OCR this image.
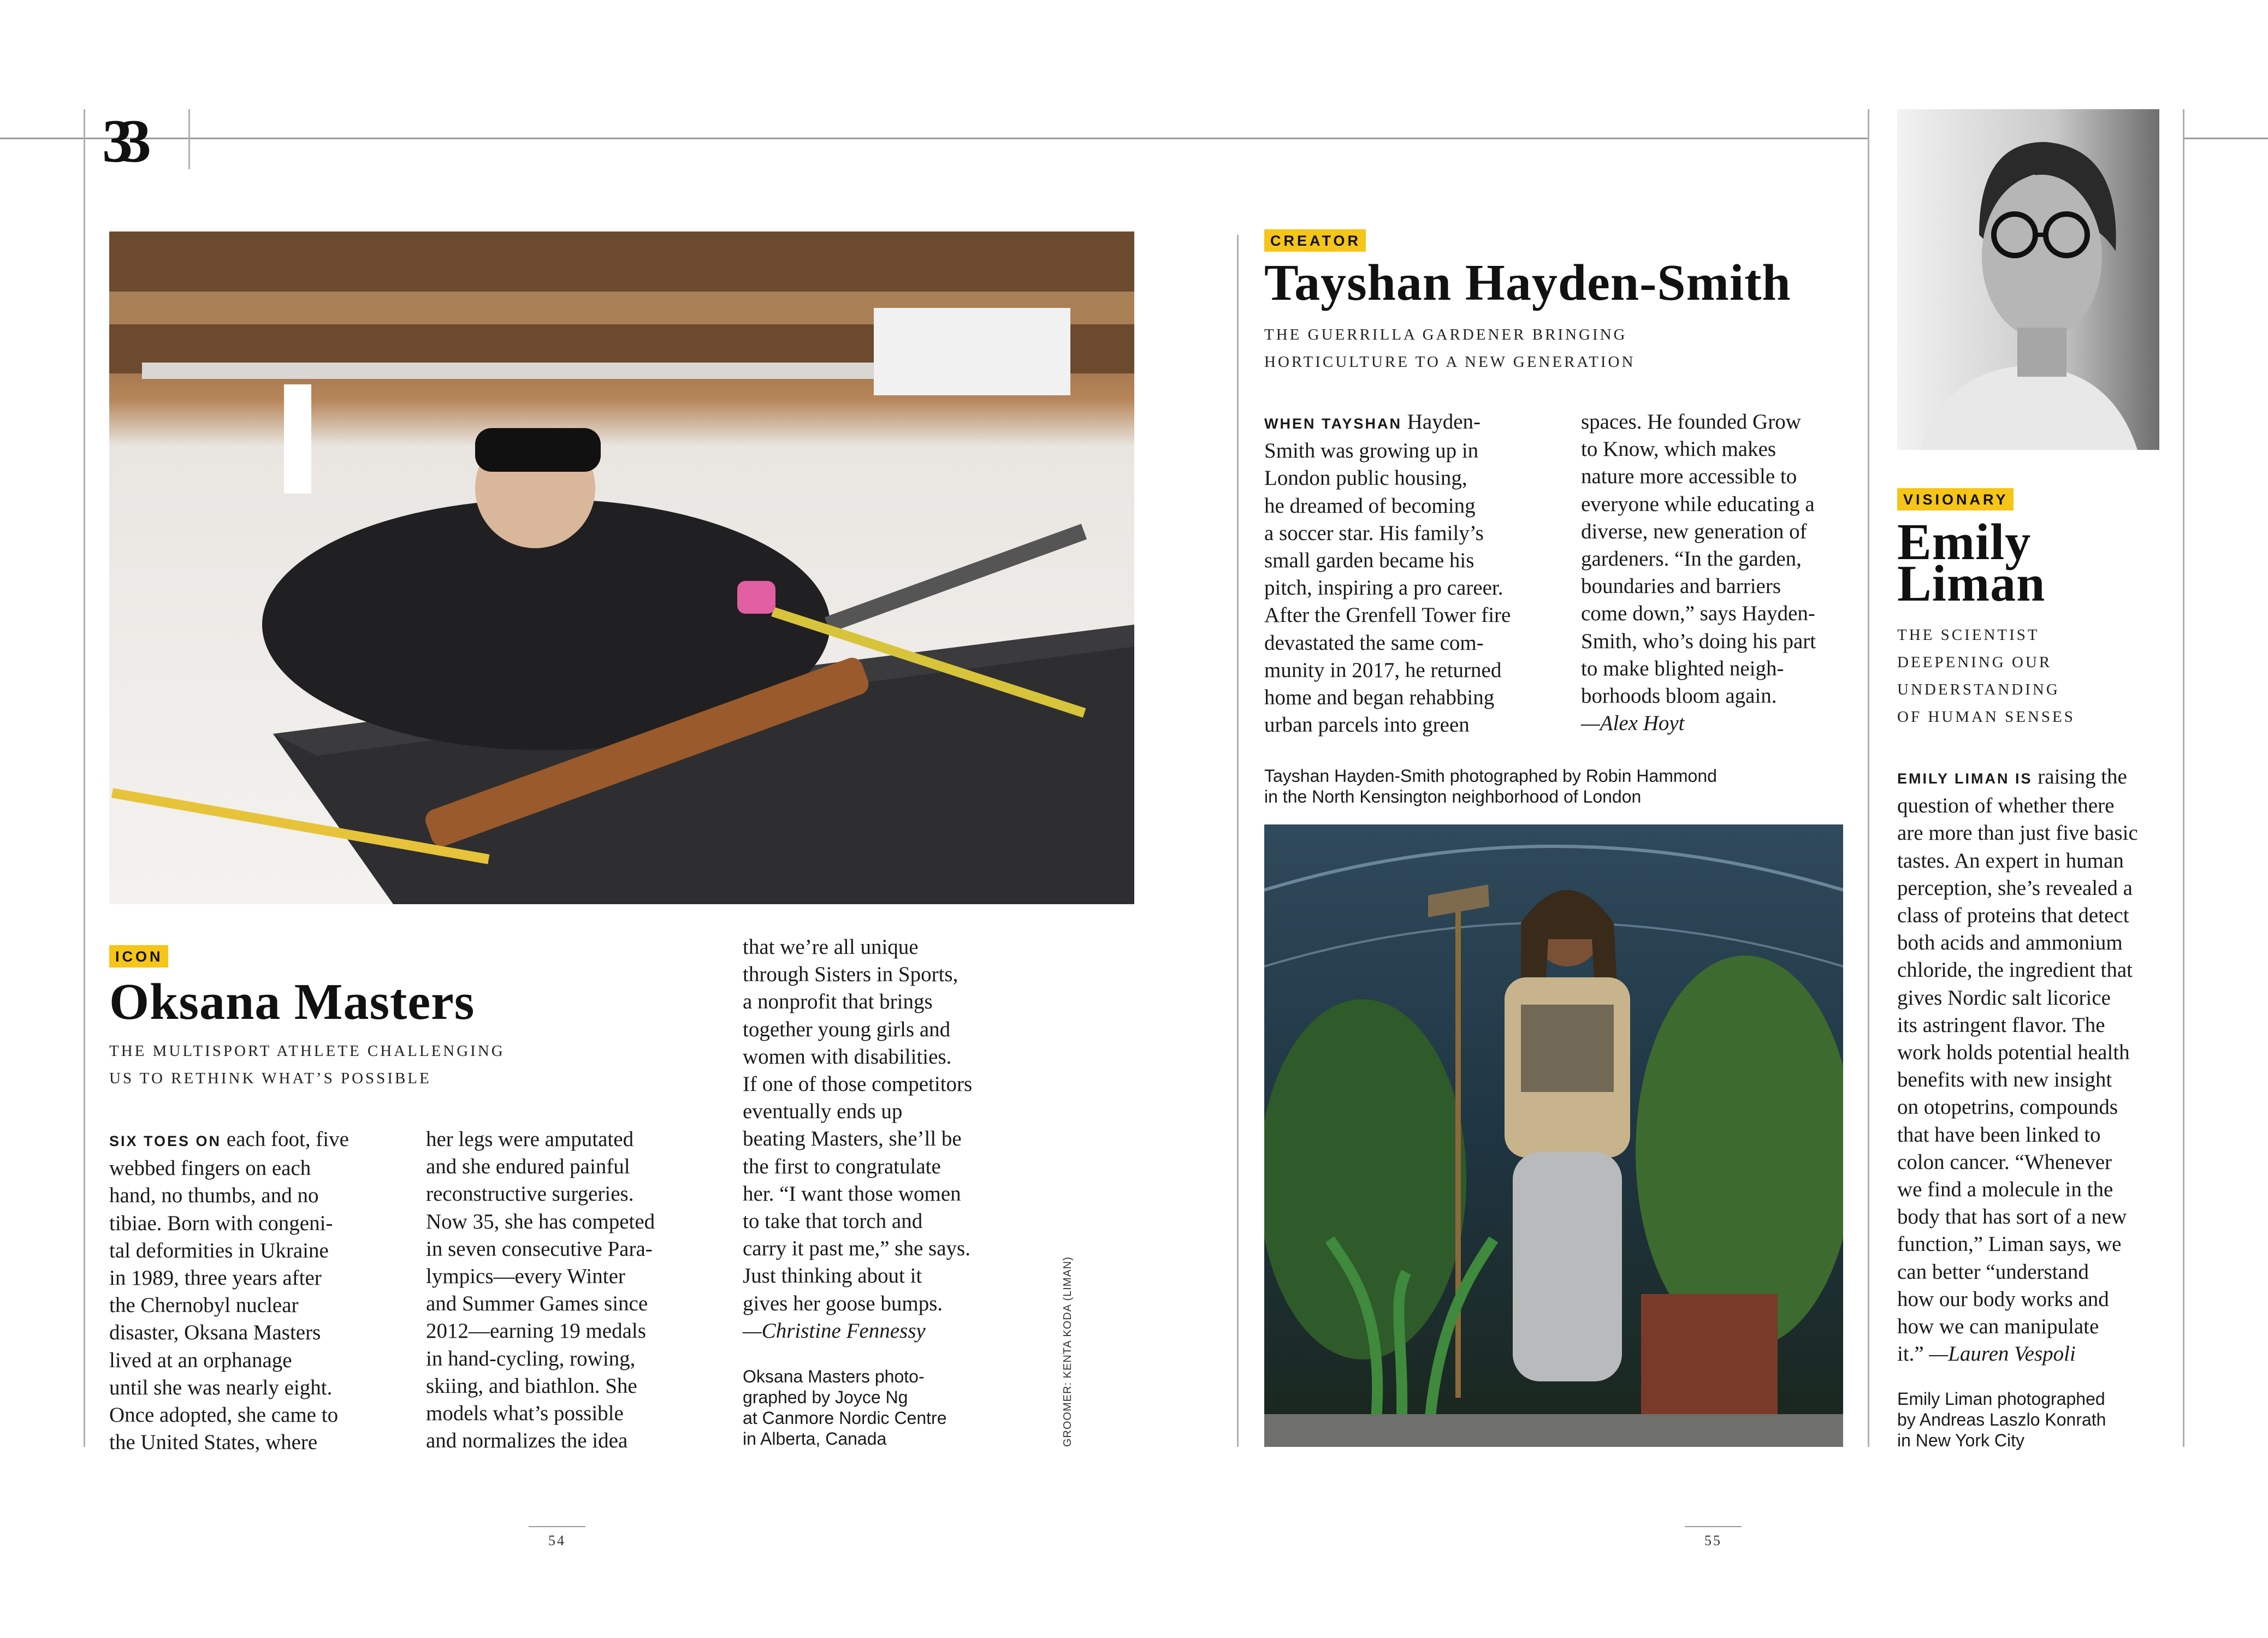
33
ICON
Oksana Masters

THE MULTISPORT ATHLETE CHALLENGING
US TO RETHINK WHAT’S POSSIBLE

SIX TOES ON each foot, five
webbed fingers on each
hand, no thumbs, and no
tibiae. Born with congeni-
tal deformities in Ukraine
in 1989, three years after
the Chernobyl nuclear
disaster, Oksana Masters
lived at an orphanage
until she was nearly eight.
Once adopted, she came to
the United States, where

her legs were amputated
and she endured painful
reconstructive surgeries.
Now 35, she has competed
in seven consecutive Para-
lympics—every Winter
and Summer Games since
2012—earning 19 medals
in hand-cycling, rowing,
skiing, and biathlon. She
models what’s possible
and normalizes the idea

that we’re all unique
through Sisters in Sports,
a nonprofit that brings
together young girls and
women with disabilities.
If one of those competitors
eventually ends up
beating Masters, she’ll be
the first to congratulate
her. “I want those women
to take that torch and
carry it past me,” she says.
Just thinking about it
gives her goose bumps.
—Christine Fennessy

Oksana Masters photo-
graphed by Joyce Ng
at Canmore Nordic Centre
in Alberta, Canada	GROOMER: KENTA KODA (LIMAN)
54
CREATOR
Tayshan Hayden-Smith

THE GUERRILLA GARDENER BRINGING
HORTICULTURE TO A NEW GENERATION

WHEN TAYSHAN Hayden-
Smith was growing up in
London public housing,
he dreamed of becoming
a soccer star. His family’s
small garden became his
pitch, inspiring a pro career.
After the Grenfell Tower fire
devastated the same com-
munity in 2017, he returned
home and began rehabbing
urban parcels into green

spaces. He founded Grow
to Know, which makes
nature more accessible to
everyone while educating a
diverse, new generation of
gardeners. “In the garden,
boundaries and barriers
come down,” says Hayden-
Smith, who’s doing his part
to make blighted neigh-
borhoods bloom again.
—Alex Hoyt

Tayshan Hayden-Smith photographed by Robin Hammond
in the North Kensington neighborhood of London

VISIONARY
Emily
Liman

THE SCIENTIST
DEEPENING OUR
UNDERSTANDING
OF HUMAN SENSES

EMILY LIMAN IS raising the
question of whether there
are more than just five basic
tastes. An expert in human
perception, she’s revealed a
class of proteins that detect
both acids and ammonium
chloride, the ingredient that
gives Nordic salt licorice
its astringent flavor. The
work holds potential health
benefits with new insight
on otopetrins, compounds
that have been linked to
colon cancer. “Whenever
we find a molecule in the
body that has sort of a new
function,” Liman says, we
can better “understand
how our body works and
how we can manipulate
it.” —Lauren Vespoli

Emily Liman photographed
by Andreas Laszlo Konrath
in New York City

55
